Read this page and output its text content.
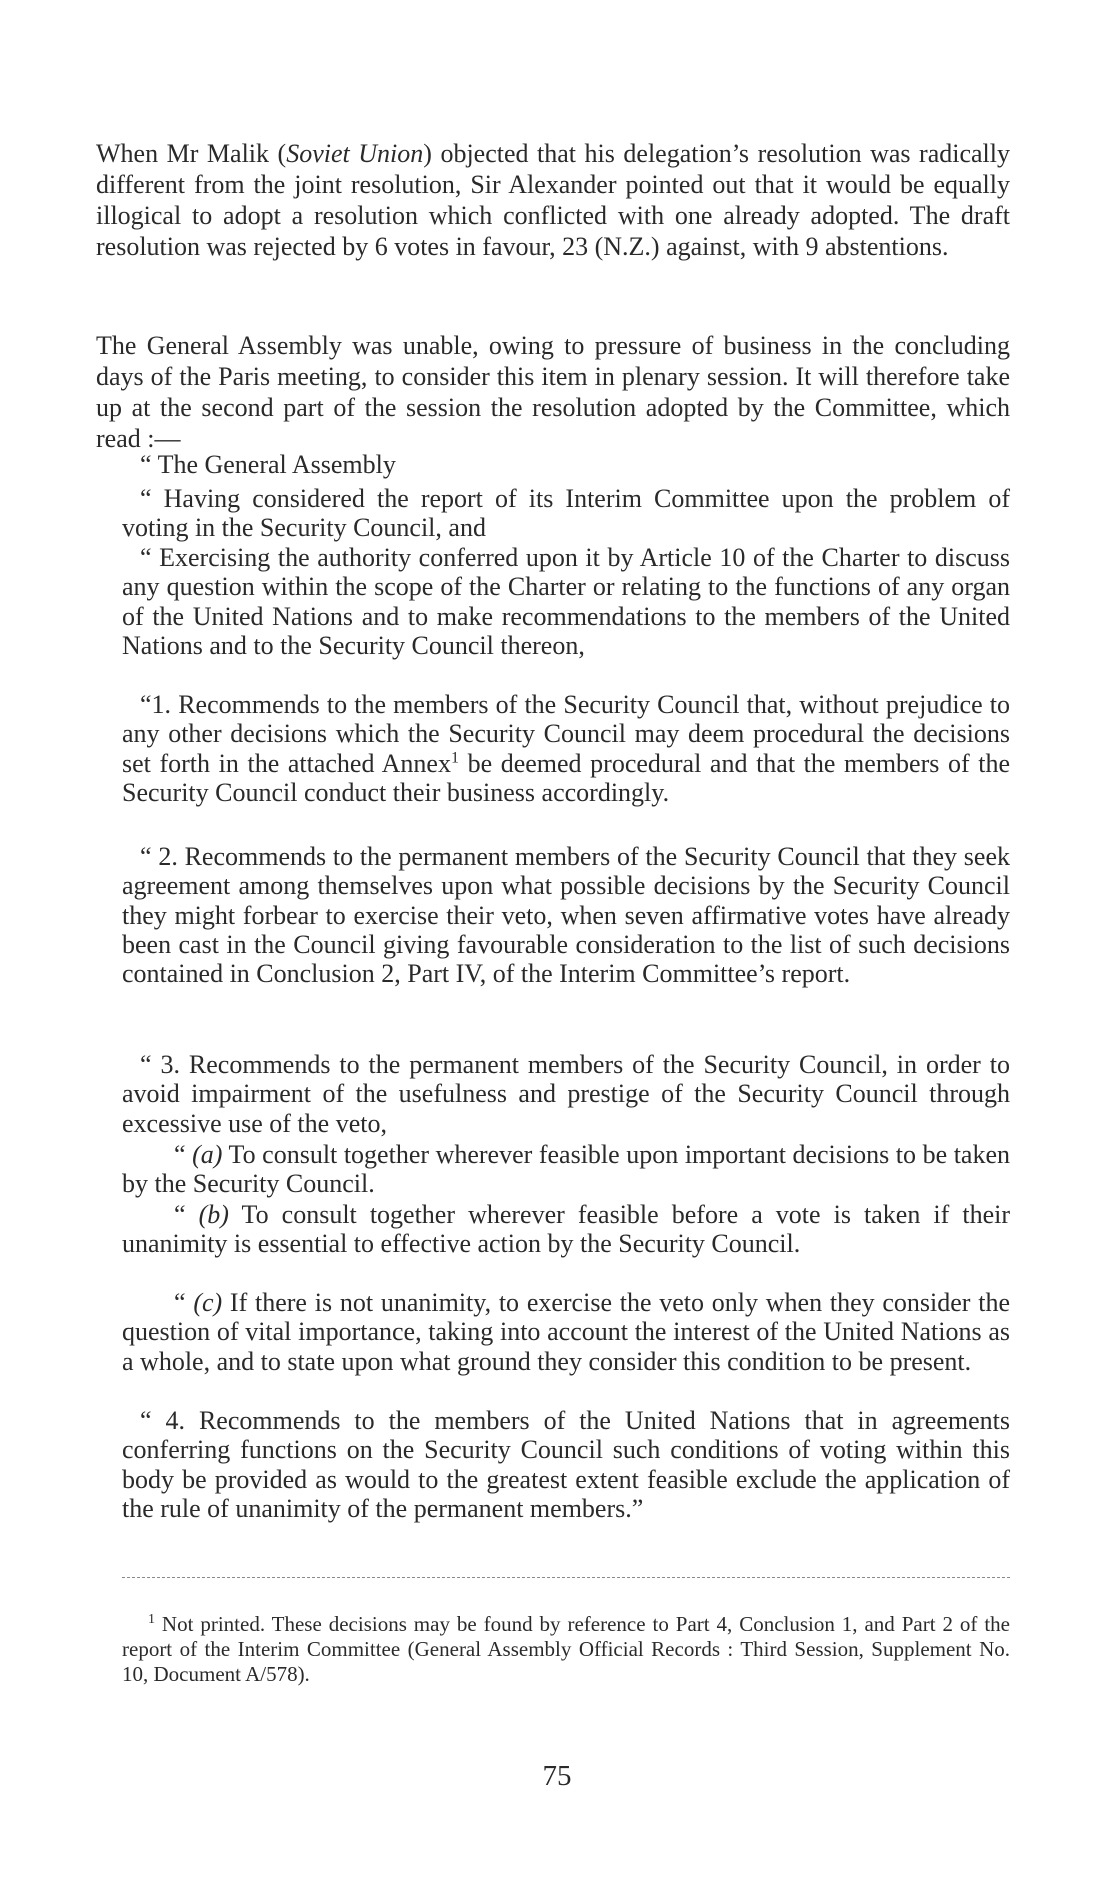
When Mr Malik (Soviet Union) objected that his delegation’s resolution was radically different from the joint resolution, Sir Alexander pointed out that it would be equally illogical to adopt a resolution which conflicted with one already adopted. The draft resolution was rejected by 6 votes in favour, 23 (N.Z.) against, with 9 abstentions.

The General Assembly was unable, owing to pressure of business in the concluding days of the Paris meeting, to consider this item in plenary session. It will therefore take up at the second part of the session the resolution adopted by the Committee, which read :—

“ The General Assembly

“ Having considered the report of its Interim Committee upon the problem of voting in the Security Council, and

“ Exercising the authority conferred upon it by Article 10 of the Charter to discuss any question within the scope of the Charter or relating to the functions of any organ of the United Nations and to make recommendations to the members of the United Nations and to the Security Council thereon,

“1. Recommends to the members of the Security Council that, without prejudice to any other decisions which the Security Council may deem procedural the decisions set forth in the attached Annex$^1$ be deemed procedural and that the members of the Security Council conduct their business accordingly.

“ 2. Recommends to the permanent members of the Security Council that they seek agreement among themselves upon what possible decisions by the Security Council they might forbear to exercise their veto, when seven affirmative votes have already been cast in the Council giving favourable consideration to the list of such decisions contained in Conclusion 2, Part IV, of the Interim Committee’s report.

“ 3. Recommends to the permanent members of the Security Council, in order to avoid impairment of the usefulness and prestige of the Security Council through excessive use of the veto,

“ (a) To consult together wherever feasible upon important decisions to be taken by the Security Council.

“ (b) To consult together wherever feasible before a vote is taken if their unanimity is essential to effective action by the Security Council.

“ (c) If there is not unanimity, to exercise the veto only when they consider the question of vital importance, taking into account the interest of the United Nations as a whole, and to state upon what ground they consider this condition to be present.

“ 4. Recommends to the members of the United Nations that in agreements conferring functions on the Security Council such conditions of voting within this body be provided as would to the greatest extent feasible exclude the application of the rule of unanimity of the permanent members.”

$^1$ Not printed. These decisions may be found by reference to Part 4, Conclusion 1, and Part 2 of the report of the Interim Committee (General Assembly Official Records : Third Session, Supplement No. 10, Document A/578).

75
